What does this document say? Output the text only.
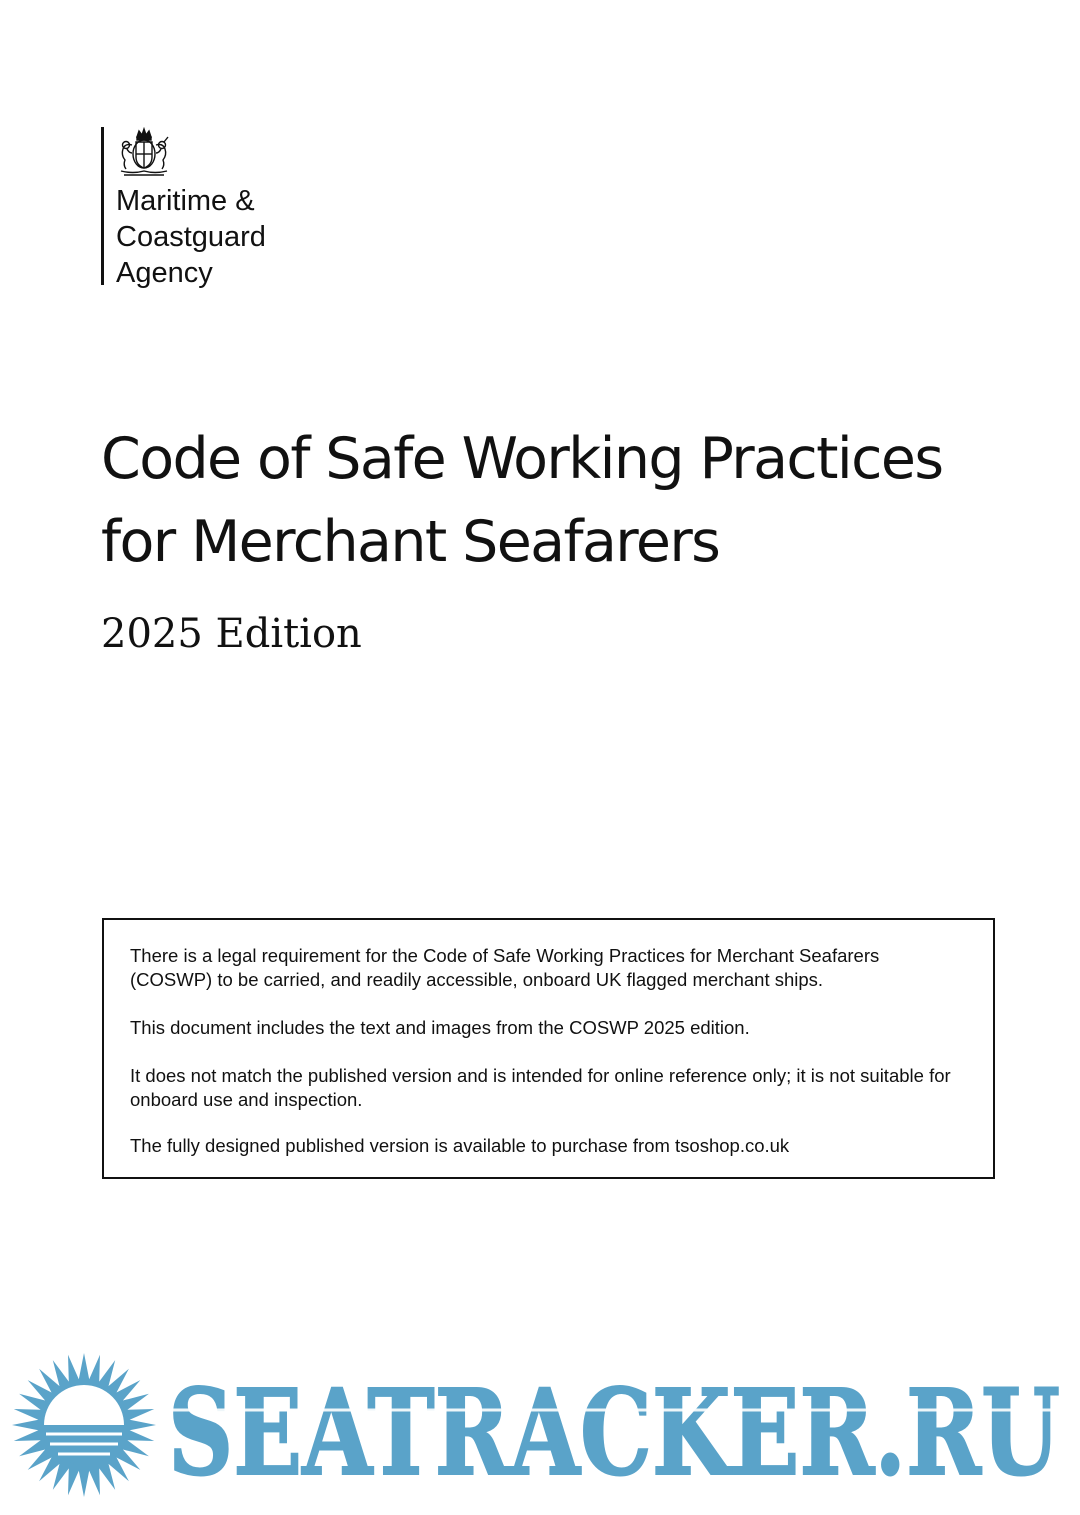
Maritime &
Coastguard
Agency
Code of Safe Working Practices
for Merchant Seafarers
2025 Edition

There is a legal requirement for the Code of Safe Working Practices for Merchant Seafarers (COSWP) to be carried, and readily accessible, onboard UK flagged merchant ships.

This document includes the text and images from the COSWP 2025 edition.

It does not match the published version and is intended for online reference only; it is not suitable for onboard use and inspection.

The fully designed published version is available to purchase from tsoshop.co.uk

SEATRACKER.RU
